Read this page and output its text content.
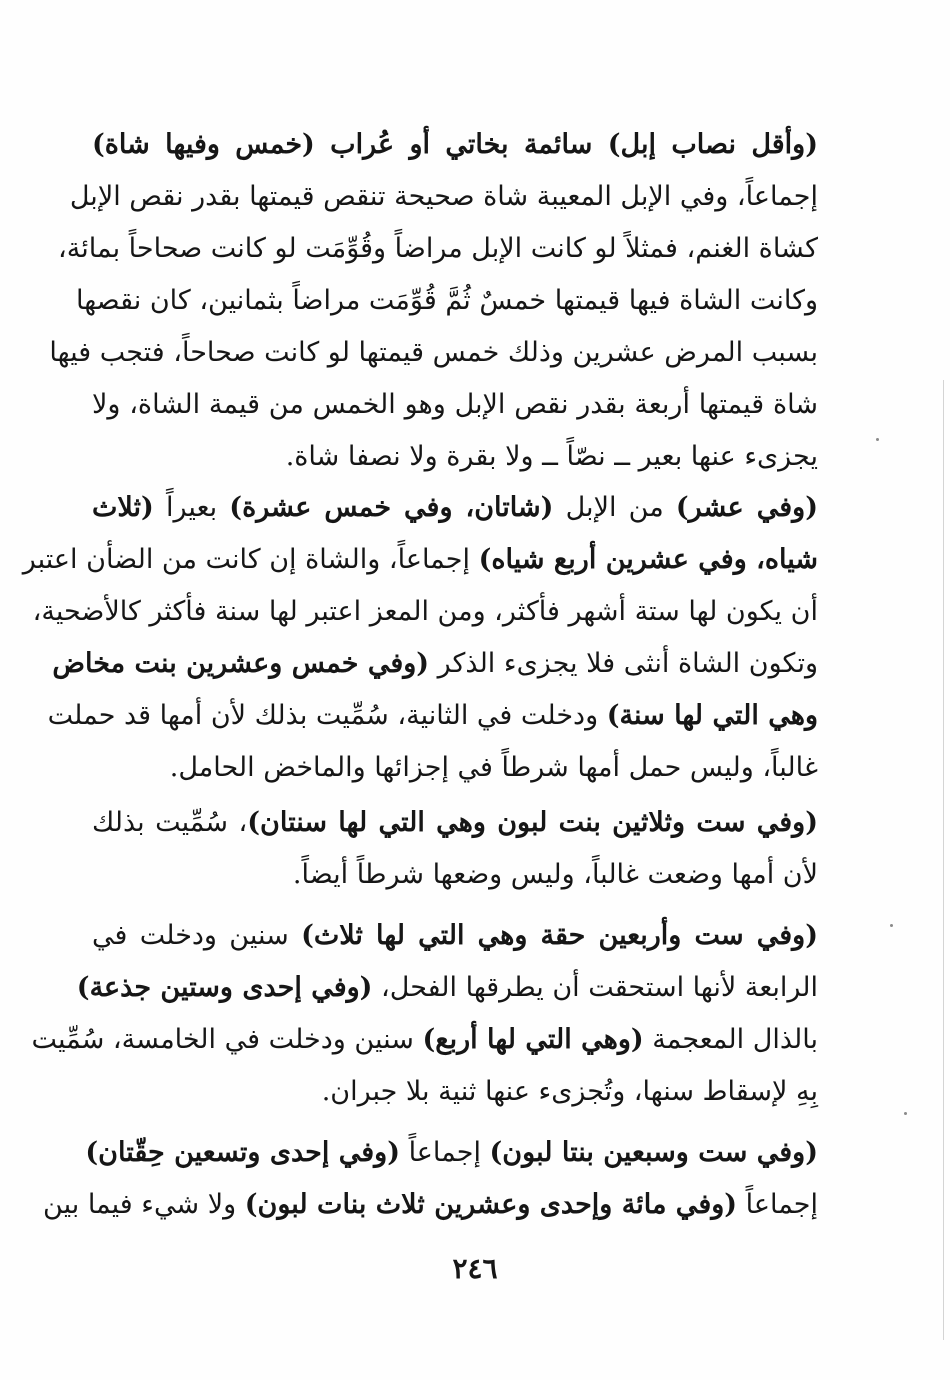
(وأقل نصاب إبل) سائمة بخاتي أو عُراب (خمس وفيها شاة)
إجماعاً، وفي الإبل المعيبة شاة صحيحة تنقص قيمتها بقدر نقص الإبل
كشاة الغنم، فمثلاً لو كانت الإبل مراضاً وقُوِّمَت لو كانت صحاحاً بمائة،
وكانت الشاة فيها قيمتها خمسٌ ثُمَّ قُوِّمَت مراضاً بثمانين، كان نقصها
بسبب المرض عشرين وذلك خمس قيمتها لو كانت صحاحاً، فتجب فيها
شاة قيمتها أربعة بقدر نقص الإبل وهو الخمس من قيمة الشاة، ولا
يجزىء عنها بعير ــ نصّاً ــ ولا بقرة ولا نصفا شاة.
(وفي عشر) من الإبل (شاتان، وفي خمس عشرة) بعيراً (ثلاث
شياه، وفي عشرين أربع شياه) إجماعاً، والشاة إن كانت من الضأن اعتبر
أن يكون لها ستة أشهر فأكثر، ومن المعز اعتبر لها سنة فأكثر كالأضحية،
وتكون الشاة أنثى فلا يجزىء الذكر (وفي خمس وعشرين بنت مخاض
وهي التي لها سنة) ودخلت في الثانية، سُمِّيت بذلك لأن أمها قد حملت
غالباً، وليس حمل أمها شرطاً في إجزائها والماخض الحامل.
(وفي ست وثلاثين بنت لبون وهي التي لها سنتان)، سُمِّيت بذلك
لأن أمها وضعت غالباً، وليس وضعها شرطاً أيضاً.
(وفي ست وأربعين حقة وهي التي لها ثلاث) سنين ودخلت في
الرابعة لأنها استحقت أن يطرقها الفحل، (وفي إحدى وستين جذعة)
بالذال المعجمة (وهي التي لها أربع) سنين ودخلت في الخامسة، سُمِّيت
بِهِ لإسقاط سنها، وتُجزىء عنها ثنية بلا جبران.
(وفي ست وسبعين بنتا لبون) إجماعاً (وفي إحدى وتسعين حِقّتان)
إجماعاً (وفي مائة وإحدى وعشرين ثلاث بنات لبون) ولا شيء فيما بين
٢٤٦
